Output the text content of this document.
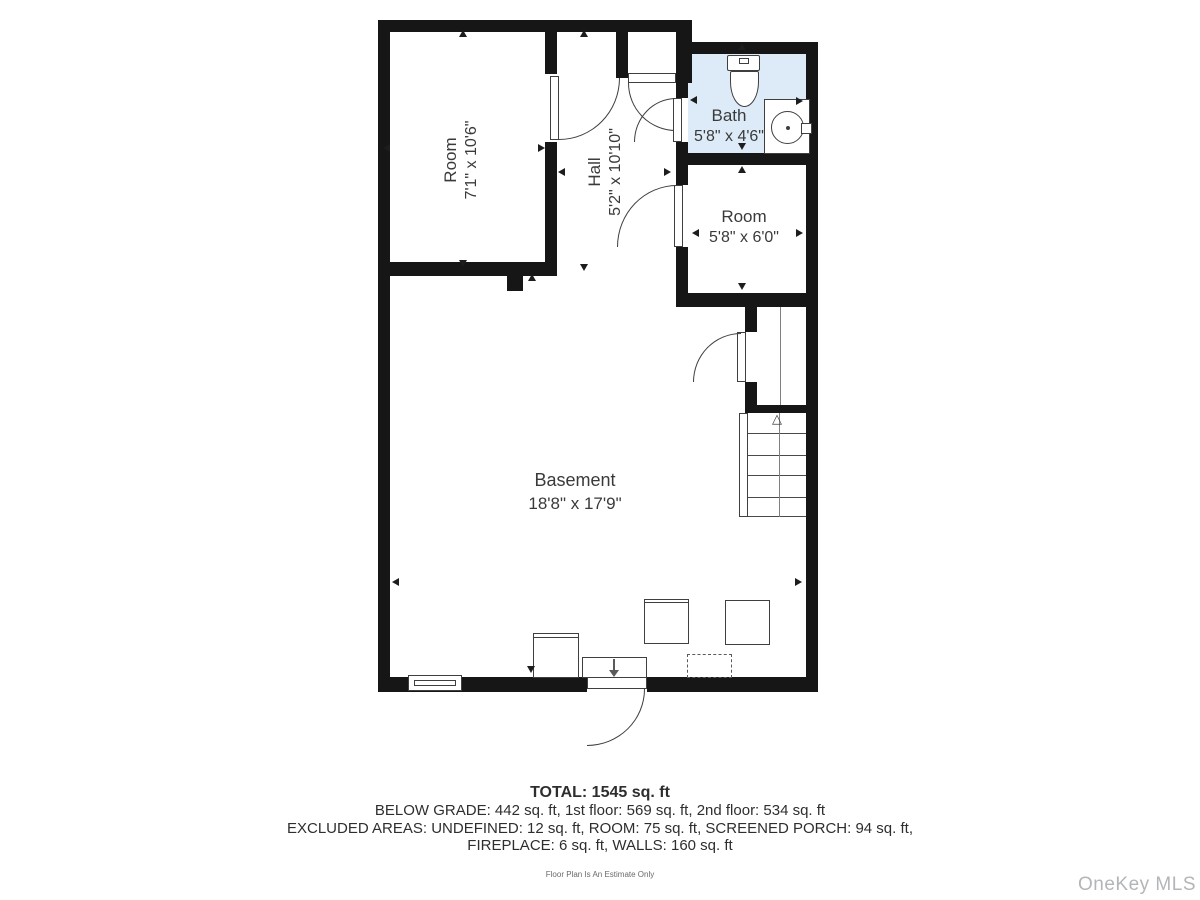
△
Room 7'1" x 10'6"	Hall 5'2" x 10'10"
Bath
5'8" x 4'6"
Room
5'8" x 6'0"
Basement
18'8" x 17'9"
TOTAL: 1545 sq. ft
BELOW GRADE: 442 sq. ft, 1st floor: 569 sq. ft, 2nd floor: 534 sq. ft
EXCLUDED AREAS: UNDEFINED: 12 sq. ft, ROOM: 75 sq. ft, SCREENED PORCH: 94 sq. ft,
FIREPLACE: 6 sq. ft, WALLS: 160 sq. ft
Floor Plan Is An Estimate Only	OneKey MLS
